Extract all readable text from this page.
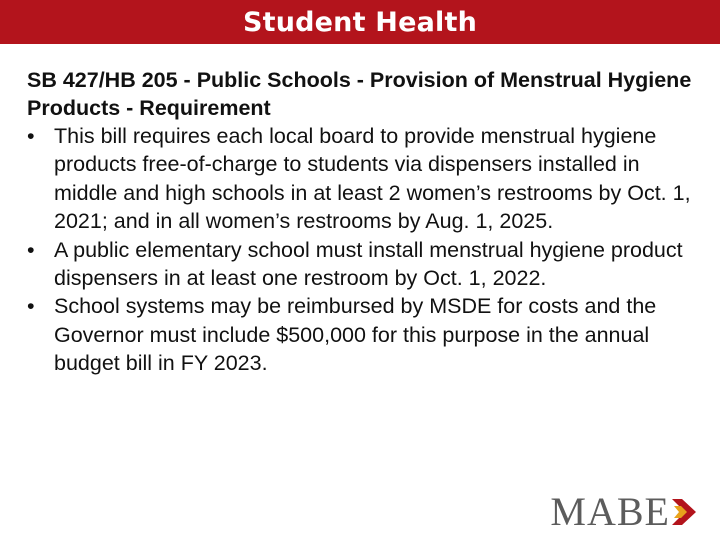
Student Health

SB 427/HB 205 - Public Schools - Provision of Menstrual Hygiene Products - Requirement

• This bill requires each local board to provide menstrual hygiene products free-of-charge to students via dispensers installed in middle and high schools in at least 2 women’s restrooms by Oct. 1, 2021; and in all women’s restrooms by Aug. 1, 2025.
• A public elementary school must install menstrual hygiene product dispensers in at least one restroom by Oct. 1, 2022.
• School systems may be reimbursed by MSDE for costs and the Governor must include $500,000 for this purpose in the annual budget bill in FY 2023.
MABE
